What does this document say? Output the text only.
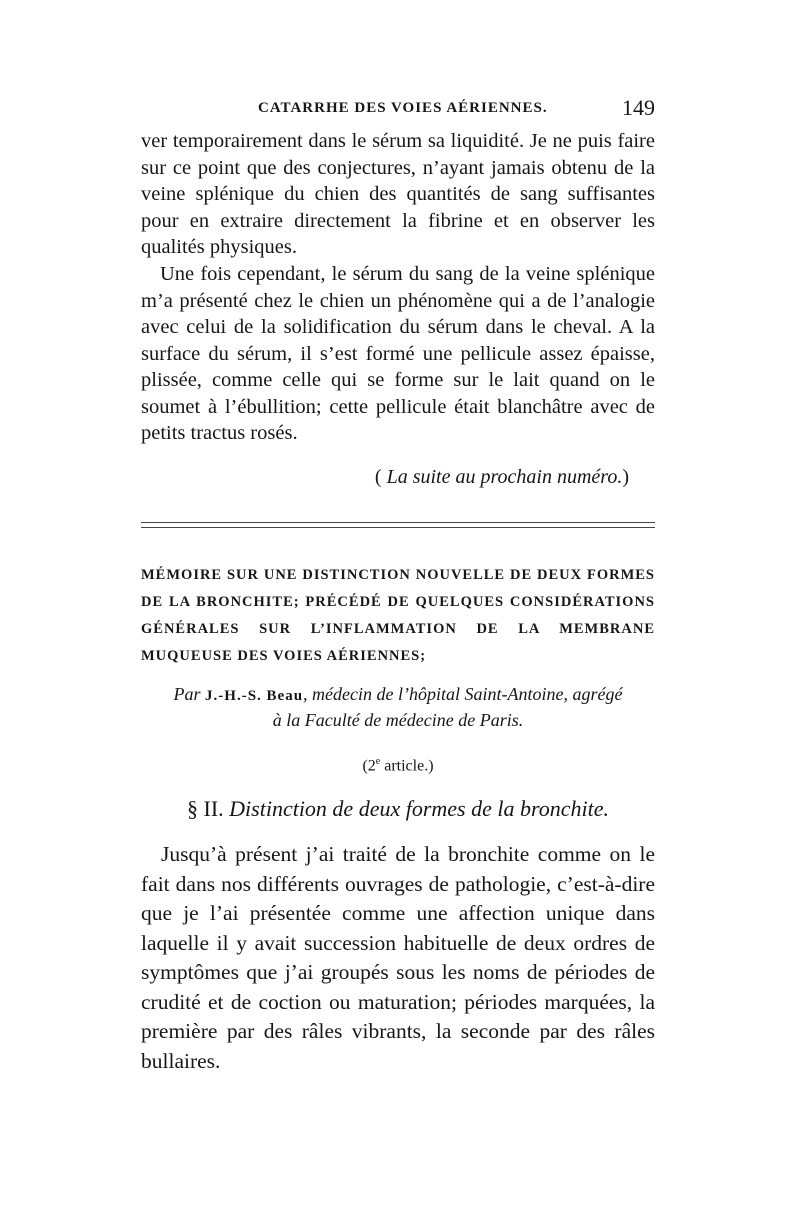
CATARRHE DES VOIES AÉRIENNES.	149

ver temporairement dans le sérum sa liquidité. Je ne puis faire sur ce point que des conjectures, n’ayant jamais obtenu de la veine splénique du chien des quantités de sang suffisantes pour en extraire directement la fibrine et en observer les qualités physiques.

Une fois cependant, le sérum du sang de la veine splénique m’a présenté chez le chien un phénomène qui a de l’analogie avec celui de la solidification du sérum dans le cheval. A la surface du sérum, il s’est formé une pellicule assez épaisse, plissée, comme celle qui se forme sur le lait quand on le soumet à l’ébullition; cette pellicule était blanchâtre avec de petits tractus rosés.

( La suite au prochain numéro.)

MÉMOIRE SUR UNE DISTINCTION NOUVELLE DE DEUX FORMES DE LA BRONCHITE; PRÉCÉDÉ DE QUELQUES CONSIDÉRATIONS GÉNÉRALES SUR L’INFLAMMATION DE LA MEMBRANE MUQUEUSE DES VOIES AÉRIENNES;

Par J.-H.-S. Beau, médecin de l’hôpital Saint-Antoine, agrégé
à la Faculté de médecine de Paris.
(2e article.)
§ II. Distinction de deux formes de la bronchite.

Jusqu’à présent j’ai traité de la bronchite comme on le fait dans nos différents ouvrages de pathologie, c’est-à-dire que je l’ai présentée comme une affection unique dans laquelle il y avait succession habituelle de deux ordres de symptômes que j’ai groupés sous les noms de périodes de crudité et de coction ou maturation; périodes marquées, la première par des râles vibrants, la seconde par des râles bullaires.
